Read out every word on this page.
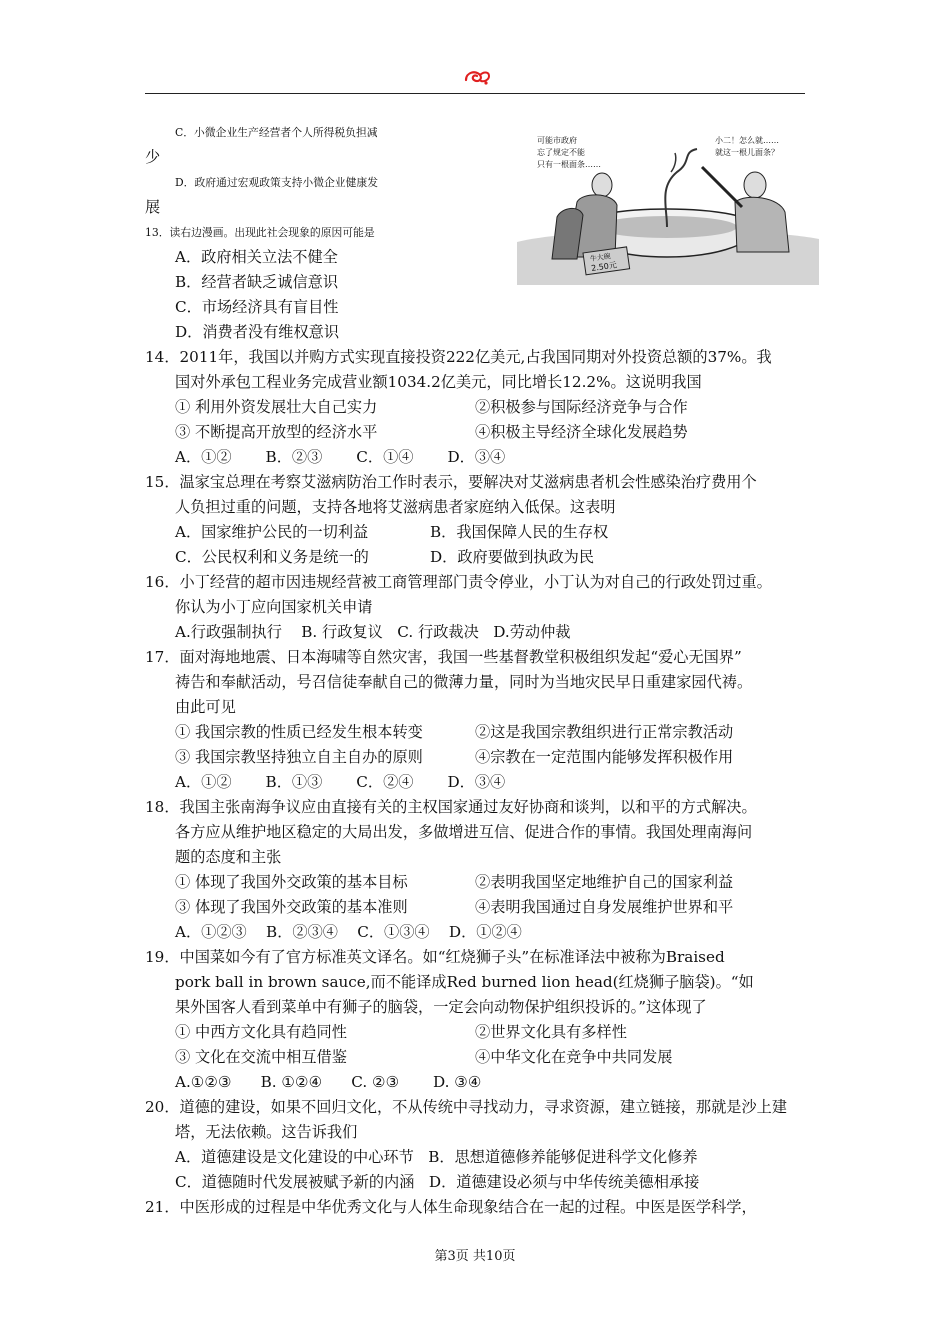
可能市政府
忘了规定不能
只有一根面条……
小二！怎么就……
就这一根儿面条？
牛大碗
2.50元

C．小微企业生产经营者个人所得税负担减

少

D．政府通过宏观政策支持小微企业健康发

展

13．读右边漫画。出现此社会现象的原因可能是

A．政府相关立法不健全

B．经营者缺乏诚信意识

C．市场经济具有盲目性

D．消费者没有维权意识

14．2011年，我国以并购方式实现直接投资222亿美元,占我国同期对外投资总额的37%。我

国对外承包工程业务完成营业额1034.2亿美元，同比增长12.2%。这说明我国

① 利用外资发展壮大自己实力	②积极参与国际经济竞争与合作

③ 不断提高开放型的经济水平	④积极主导经济全球化发展趋势

A．①② B．②③ C．①④ D．③④

15．温家宝总理在考察艾滋病防治工作时表示，要解决对艾滋病患者机会性感染治疗费用个

人负担过重的问题，支持各地将艾滋病患者家庭纳入低保。这表明

A．国家维护公民的一切利益	B．我国保障人民的生存权

C．公民权利和义务是统一的	D．政府要做到执政为民

16．小丁经营的超市因违规经营被工商管理部门责令停业，小丁认为对自己的行政处罚过重。

你认为小丁应向国家机关申请

A.行政强制执行    B. 行政复议   C. 行政裁决   D.劳动仲裁

17．面对海地地震、日本海啸等自然灾害，我国一些基督教堂积极组织发起“爱心无国界”

祷告和奉献活动，号召信徒奉献自己的微薄力量，同时为当地灾民早日重建家园代祷。

由此可见

① 我国宗教的性质已经发生根本转变	②这是我国宗教组织进行正常宗教活动

③ 我国宗教坚持独立自主自办的原则	④宗教在一定范围内能够发挥积极作用

A．①② B．①③ C．②④ D．③④

18．我国主张南海争议应由直接有关的主权国家通过友好协商和谈判，以和平的方式解决。

各方应从维护地区稳定的大局出发，多做增进互信、促进合作的事情。我国处理南海问

题的态度和主张

① 体现了我国外交政策的基本目标	②表明我国坚定地维护自己的国家利益

③ 体现了我国外交政策的基本准则	④表明我国通过自身发展维护世界和平

A．①②③    B．②③④    C．①③④    D．①②④

19．中国菜如今有了官方标准英文译名。如“红烧狮子头”在标准译法中被称为Braised

pork ball in brown sauce,而不能译成Red burned lion head(红烧狮子脑袋)。“如

果外国客人看到菜单中有狮子的脑袋，一定会向动物保护组织投诉的。”这体现了

① 中西方文化具有趋同性	②世界文化具有多样性

③ 文化在交流中相互借鉴	④中华文化在竞争中共同发展

A.①②③      B. ①②④      C. ②③       D. ③④

20．道德的建设，如果不回归文化，不从传统中寻找动力，寻求资源，建立链接，那就是沙上建

塔，无法依赖。这告诉我们

A．道德建设是文化建设的中心环节   B．思想道德修养能够促进科学文化修养

C．道德随时代发展被赋予新的内涵   D．道德建设必须与中华传统美德相承接

21．中医形成的过程是中华优秀文化与人体生命现象结合在一起的过程。中医是医学科学，

第3页 共10页
